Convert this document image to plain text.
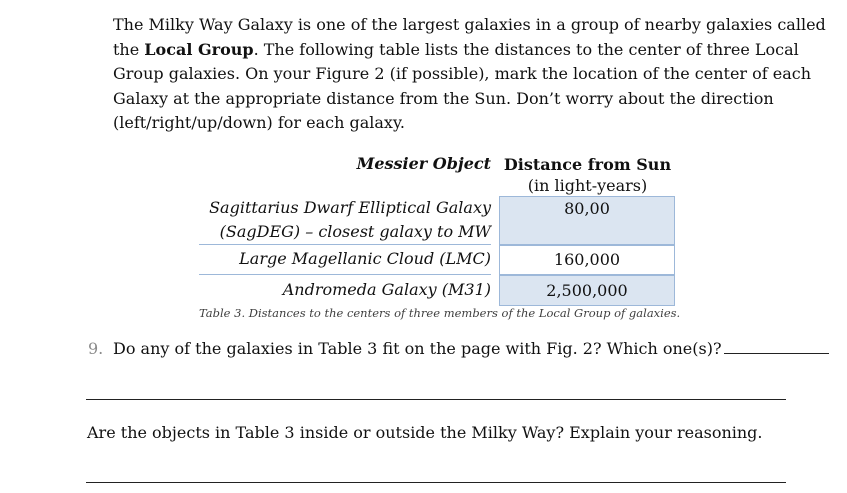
The Milky Way Galaxy is one of the largest galaxies in a group of nearby galaxies called
the Local Group. The following table lists the distances to the center of three Local
Group galaxies. On your Figure 2 (if possible), mark the location of the center of each
Galaxy at the appropriate distance from the Sun. Don’t worry about the direction
(left/right/up/down) for each galaxy.

Messier Object Distance from Sun
(in light-years)
Sagittarius Dwarf Elliptical Galaxy
(SagDEG) – closest galaxy to MW
80,00
Large Magellanic Cloud (LMC)	160,000
Andromeda Galaxy (M31)	2,500,000
Table 3. Distances to the centers of three members of the Local Group of galaxies.
9. Do any of the galaxies in Table 3 fit on the page with Fig. 2? Which one(s)?
Are the objects in Table 3 inside or outside the Milky Way? Explain your reasoning.
